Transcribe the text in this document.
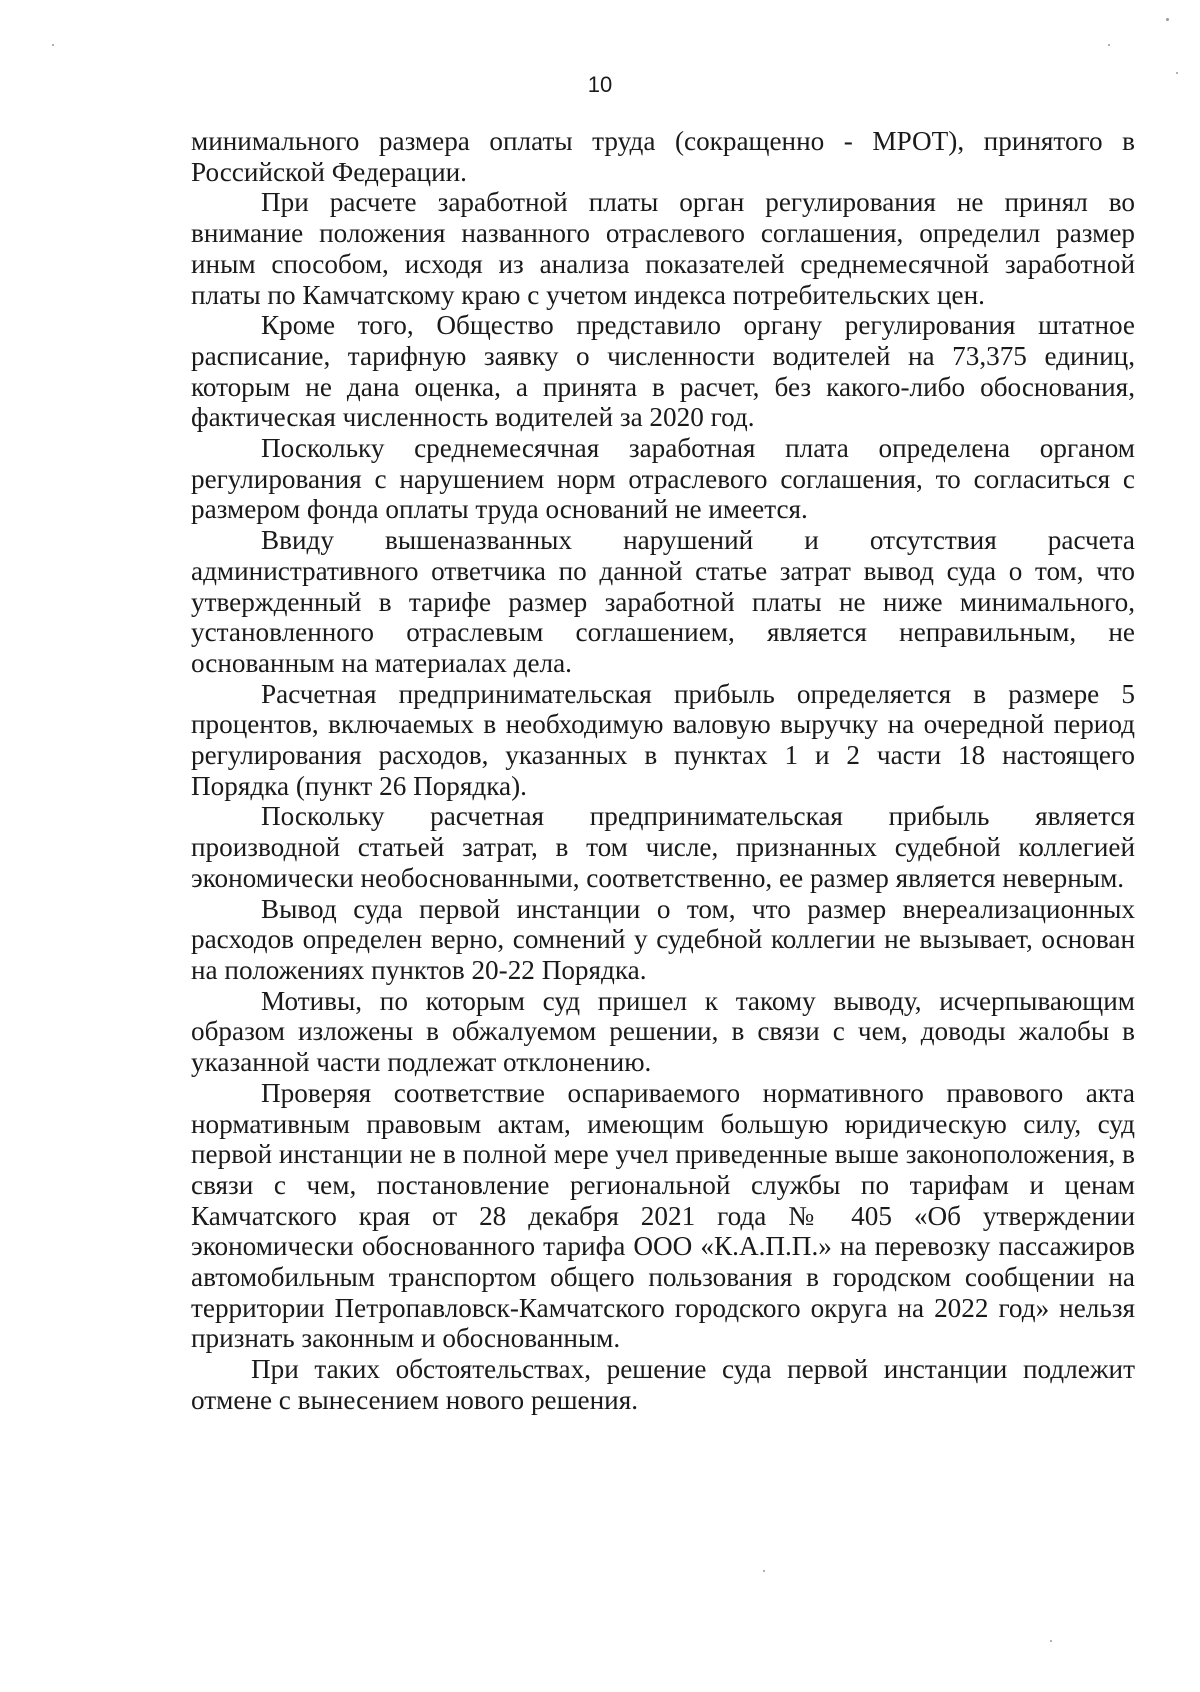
10

минимального размера оплаты труда (сокращенно - МРОТ), принятого в Российской Федерации.

При расчете заработной платы орган регулирования не принял во внимание положения названного отраслевого соглашения, определил размер иным способом, исходя из анализа показателей среднемесячной заработной платы по Камчатскому краю с учетом индекса потребительских цен.

Кроме того, Общество представило органу регулирования штатное расписание, тарифную заявку о численности водителей на 73,375 единиц, которым не дана оценка, а принята в расчет, без какого-либо обоснования, фактическая численность водителей за 2020 год.

Поскольку среднемесячная заработная плата определена органом регулирования с нарушением норм отраслевого соглашения, то согласиться с размером фонда оплаты труда оснований не имеется.

Ввиду вышеназванных нарушений и отсутствия расчета административного ответчика по данной статье затрат вывод суда о том, что утвержденный в тарифе размер заработной платы не ниже минимального, установленного отраслевым соглашением, является неправильным, не основанным на материалах дела.

Расчетная предпринимательская прибыль определяется в размере 5 процентов, включаемых в необходимую валовую выручку на очередной период регулирования расходов, указанных в пунктах 1 и 2 части 18 настоящего Порядка (пункт 26 Порядка).

Поскольку расчетная предпринимательская прибыль является производной статьей затрат, в том числе, признанных судебной коллегией экономически необоснованными, соответственно, ее размер является неверным.

Вывод суда первой инстанции о том, что размер внереализационных расходов определен верно, сомнений у судебной коллегии не вызывает, основан на положениях пунктов 20-22 Порядка.

Мотивы, по которым суд пришел к такому выводу, исчерпывающим образом изложены в обжалуемом решении, в связи с чем, доводы жалобы в указанной части подлежат отклонению.

Проверяя соответствие оспариваемого нормативного правового акта нормативным правовым актам, имеющим большую юридическую силу, суд первой инстанции не в полной мере учел приведенные выше законоположения, в связи с чем, постановление региональной службы по тарифам и ценам Камчатского края от 28 декабря 2021 года № 405 «Об утверждении экономически обоснованного тарифа ООО «К.А.П.П.» на перевозку пассажиров автомобильным транспортом общего пользования в городском сообщении на территории Петропавловск-Камчатского городского округа на 2022 год» нельзя признать законным и обоснованным.

При таких обстоятельствах, решение суда первой инстанции подлежит отмене с вынесением нового решения.
